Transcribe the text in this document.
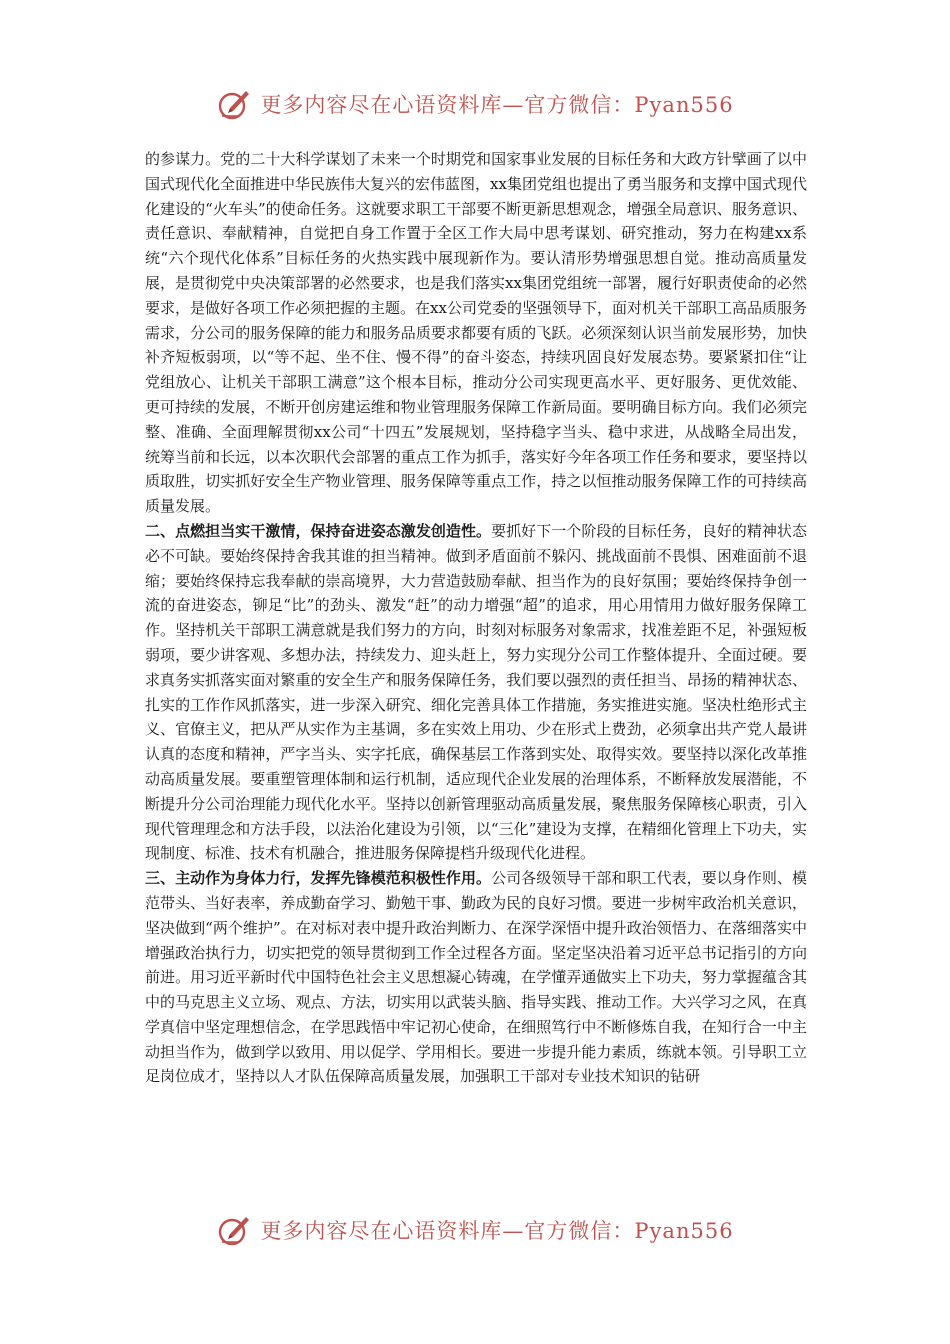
更多内容尽在心语资料库—官方微信：Pyan556

的参谋力。党的二十大科学谋划了未来一个时期党和国家事业发展的目标任务和大政方针擘画了以中国式现代化全面推进中华民族伟大复兴的宏伟蓝图，xx集团党组也提出了勇当服务和支撑中国式现代化建设的“火车头”的使命任务。这就要求职工干部要不断更新思想观念，增强全局意识、服务意识、责任意识、奉献精神，自觉把自身工作置于全区工作大局中思考谋划、研究推动，努力在构建xx系统“六个现代化体系”目标任务的火热实践中展现新作为。要认清形势增强思想自觉。推动高质量发展，是贯彻党中央决策部署的必然要求，也是我们落实xx集团党组统一部署，履行好职责使命的必然要求，是做好各项工作必须把握的主题。在xx公司党委的坚强领导下，面对机关干部职工高品质服务需求，分公司的服务保障的能力和服务品质要求都要有质的飞跃。必须深刻认识当前发展形势，加快补齐短板弱项，以“等不起、坐不住、慢不得”的奋斗姿态，持续巩固良好发展态势。要紧紧扣住“让党组放心、让机关干部职工满意”这个根本目标，推动分公司实现更高水平、更好服务、更优效能、更可持续的发展，不断开创房建运维和物业管理服务保障工作新局面。要明确目标方向。我们必须完整、准确、全面理解贯彻xx公司“十四五”发展规划，坚持稳字当头、稳中求进，从战略全局出发，统筹当前和长远，以本次职代会部署的重点工作为抓手，落实好今年各项工作任务和要求，要坚持以质取胜，切实抓好安全生产物业管理、服务保障等重点工作，持之以恒推动服务保障工作的可持续高质量发展。

二、点燃担当实干激情，保持奋进姿态激发创造性。要抓好下一个阶段的目标任务，良好的精神状态必不可缺。要始终保持舍我其谁的担当精神。做到矛盾面前不躲闪、挑战面前不畏惧、困难面前不退缩；要始终保持忘我奉献的崇高境界，大力营造鼓励奉献、担当作为的良好氛围；要始终保持争创一流的奋进姿态，铆足“比”的劲头、激发“赶”的动力增强“超”的追求，用心用情用力做好服务保障工作。坚持机关干部职工满意就是我们努力的方向，时刻对标服务对象需求，找准差距不足，补强短板弱项，要少讲客观、多想办法，持续发力、迎头赶上，努力实现分公司工作整体提升、全面过硬。要求真务实抓落实面对繁重的安全生产和服务保障任务，我们要以强烈的责任担当、昂扬的精神状态、扎实的工作作风抓落实，进一步深入研究、细化完善具体工作措施，务实推进实施。坚决杜绝形式主义、官僚主义，把从严从实作为主基调，多在实效上用功、少在形式上费劲，必须拿出共产党人最讲认真的态度和精神，严字当头、实字托底，确保基层工作落到实处、取得实效。要坚持以深化改革推动高质量发展。要重塑管理体制和运行机制，适应现代企业发展的治理体系，不断释放发展潜能，不断提升分公司治理能力现代化水平。坚持以创新管理驱动高质量发展，聚焦服务保障核心职责，引入现代管理理念和方法手段，以法治化建设为引领，以“三化”建设为支撑，在精细化管理上下功夫，实现制度、标准、技术有机融合，推进服务保障提档升级现代化进程。

三、主动作为身体力行，发挥先锋模范积极性作用。公司各级领导干部和职工代表，要以身作则、模范带头、当好表率，养成勤奋学习、勤勉干事、勤政为民的良好习惯。要进一步树牢政治机关意识，坚决做到“两个维护”。在对标对表中提升政治判断力、在深学深悟中提升政治领悟力、在落细落实中增强政治执行力，切实把党的领导贯彻到工作全过程各方面。坚定坚决沿着习近平总书记指引的方向前进。用习近平新时代中国特色社会主义思想凝心铸魂，在学懂弄通做实上下功夫，努力掌握蕴含其中的马克思主义立场、观点、方法，切实用以武装头脑、指导实践、推动工作。大兴学习之风，在真学真信中坚定理想信念，在学思践悟中牢记初心使命，在细照笃行中不断修炼自我，在知行合一中主动担当作为，做到学以致用、用以促学、学用相长。要进一步提升能力素质，练就本领。引导职工立足岗位成才，坚持以人才队伍保障高质量发展，加强职工干部对专业技术知识的钻研

更多内容尽在心语资料库—官方微信：Pyan556
